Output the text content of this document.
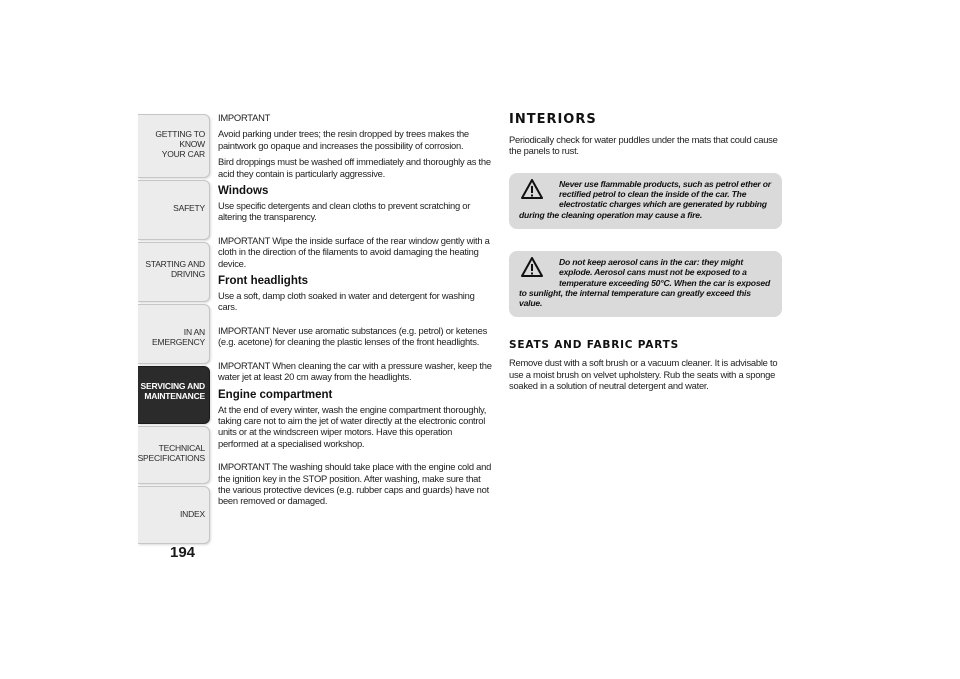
GETTING TO KNOW
YOUR CAR
SAFETY
STARTING AND
DRIVING
IN AN EMERGENCY
SERVICING AND
MAINTENANCE
TECHNICAL
SPECIFICATIONS
INDEX
194

IMPORTANT

Avoid parking under trees; the resin dropped by trees makes the paintwork go opaque and increases the possibility of corrosion.

Bird droppings must be washed off immediately and thoroughly as the acid they contain is particularly aggressive.

Windows

Use specific detergents and clean cloths to prevent scratching or altering the transparency.

IMPORTANT Wipe the inside surface of the rear window gently with a cloth in the direction of the filaments to avoid damaging the heating device.

Front headlights

Use a soft, damp cloth soaked in water and detergent for washing cars.

IMPORTANT Never use aromatic substances (e.g. petrol) or ketenes (e.g. acetone) for cleaning the plastic lenses of the front headlights.

IMPORTANT When cleaning the car with a pressure washer, keep the water jet at least 20 cm away from the headlights.

Engine compartment

At the end of every winter, wash the engine compartment thoroughly, taking care not to aim the jet of water directly at the electronic control units or at the windscreen wiper motors. Have this operation performed at a specialised workshop.

IMPORTANT The washing should take place with the engine cold and the ignition key in the STOP position. After washing, make sure that the various protective devices (e.g. rubber caps and guards) have not been removed or damaged.

INTERIORS

Periodically check for water puddles under the mats that could cause the panels to rust.

Never use flammable products, such as petrol ether or rectified petrol to clean the inside of the car. The electrostatic charges which are generated by rubbing

during the cleaning operation may cause a fire.

Do not keep aerosol cans in the car: they might explode. Aerosol cans must not be exposed to a temperature exceeding 50°C. When the car is exposed

to sunlight, the internal temperature can greatly exceed this value.

SEATS AND FABRIC PARTS

Remove dust with a soft brush or a vacuum cleaner. It is advisable to use a moist brush on velvet upholstery. Rub the seats with a sponge soaked in a solution of neutral detergent and water.
